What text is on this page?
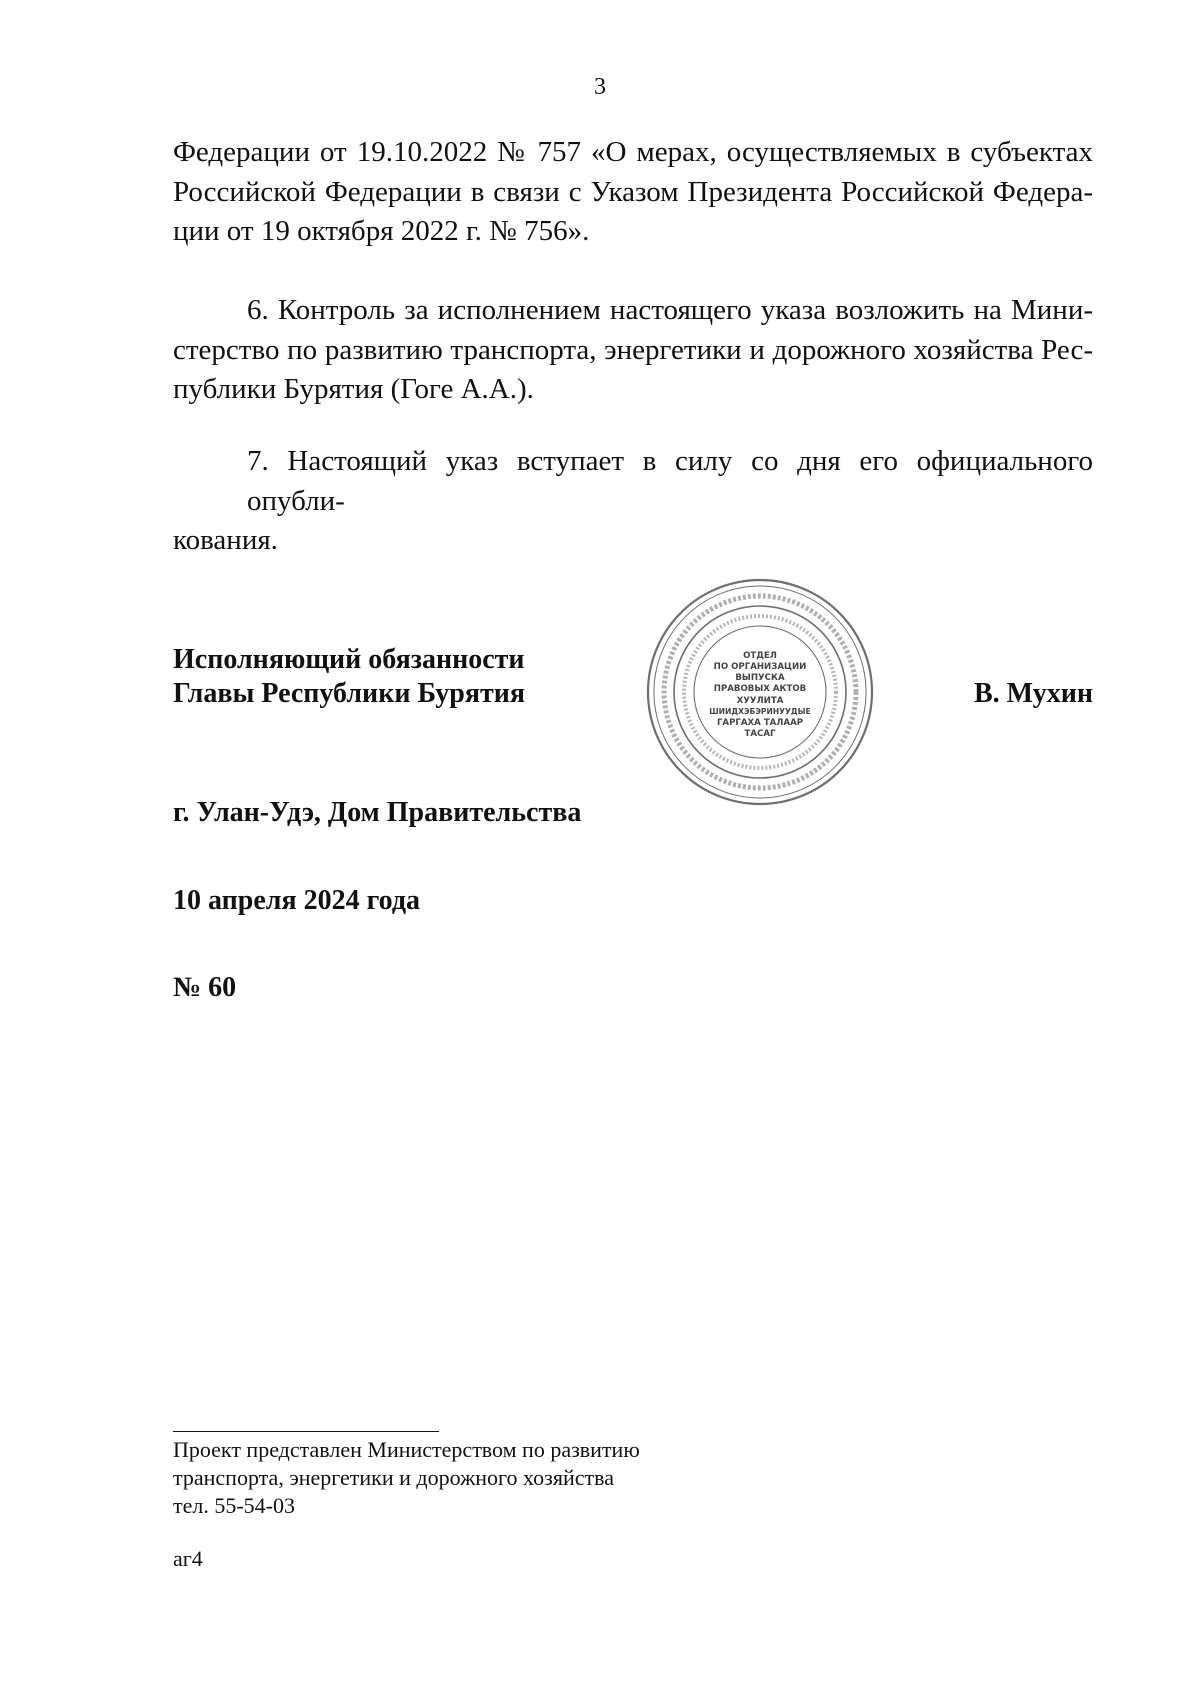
3
Федерации от 19.10.2022 № 757 «О мерах, осуществляемых в субъектах
Российской Федерации в связи с Указом Президента Российской Федера-
ции от 19 октября 2022 г. № 756».
6. Контроль за исполнением настоящего указа возложить на Мини-
стерство по развитию транспорта, энергетики и дорожного хозяйства Рес-
публики Бурятия (Гоге А.А.).
7. Настоящий указ вступает в силу со дня его официального опубли-
кования.
Исполняющий обязанности
Главы Республики Бурятия
ОТДЕЛ
ПО ОРГАНИЗАЦИИ
ВЫПУСКА
ПРАВОВЫХ АКТОВ
ХУУЛИТА
ШИИДХЭБЭРИНУУДЫЕ
ГАРГАХА ТАЛААР
ТАСАГ
В. Мухин
г. Улан-Удэ, Дом Правительства
10 апреля 2024 года
№ 60
Проект представлен Министерством по развитию
транспорта, энергетики и дорожного хозяйства
тел. 55-54-03
аг4
